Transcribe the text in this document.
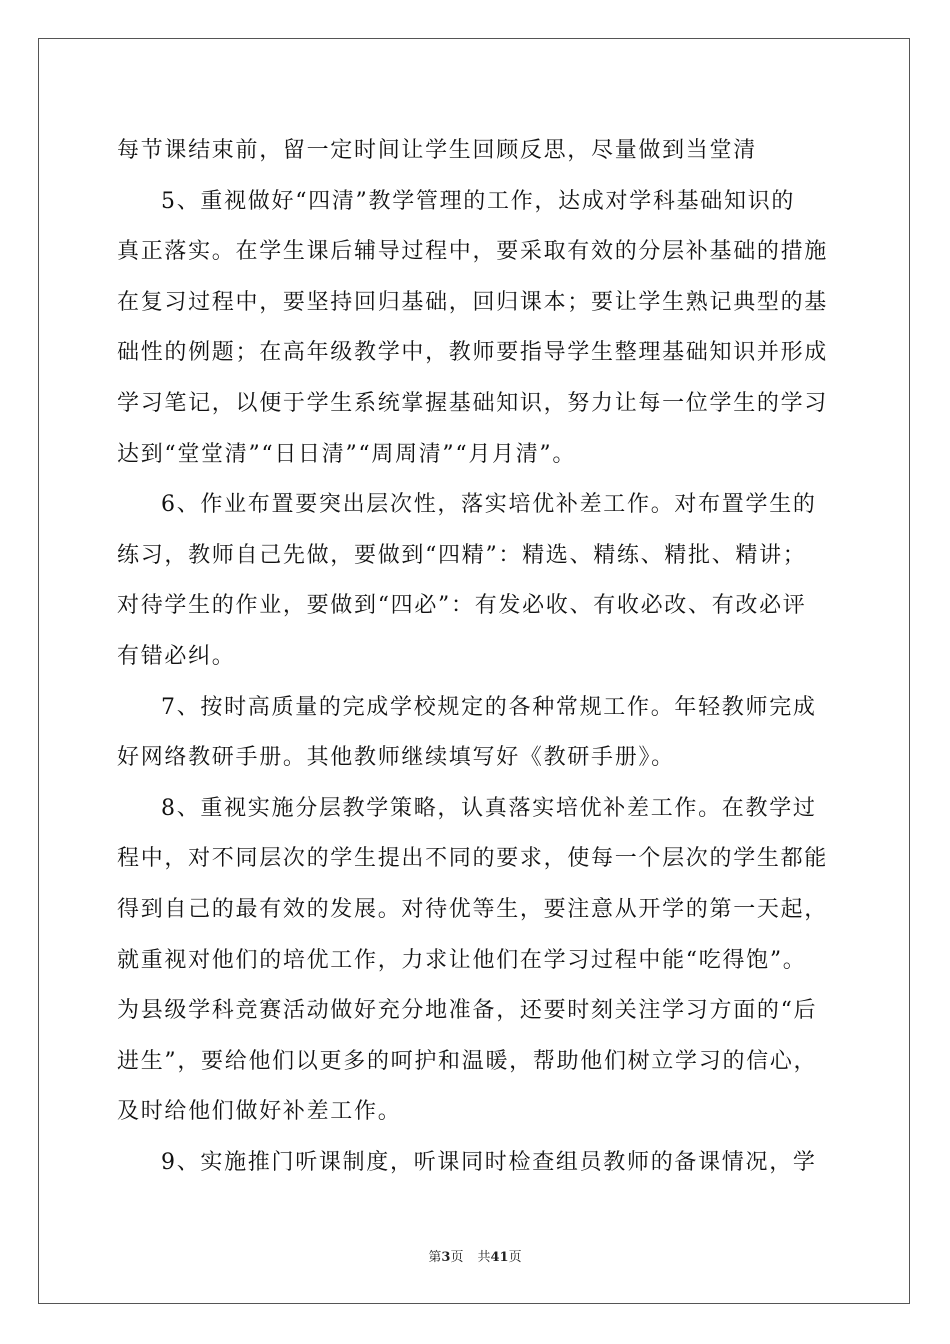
每节课结束前，留一定时间让学生回顾反思，尽量做到当堂清
5、重视做好“四清”教学管理的工作，达成对学科基础知识的
真正落实。在学生课后辅导过程中，要采取有效的分层补基础的措施
在复习过程中，要坚持回归基础，回归课本；要让学生熟记典型的基
础性的例题；在高年级教学中，教师要指导学生整理基础知识并形成
学习笔记，以便于学生系统掌握基础知识，努力让每一位学生的学习
达到“堂堂清”“日日清”“周周清”“月月清”。
6、作业布置要突出层次性，落实培优补差工作。对布置学生的
练习，教师自己先做，要做到“四精”：精选、精练、精批、精讲；
对待学生的作业，要做到“四必”：有发必收、有收必改、有改必评
有错必纠。
7、按时高质量的完成学校规定的各种常规工作。年轻教师完成
好网络教研手册。其他教师继续填写好《教研手册》。
8、重视实施分层教学策略，认真落实培优补差工作。在教学过
程中，对不同层次的学生提出不同的要求，使每一个层次的学生都能
得到自己的最有效的发展。对待优等生，要注意从开学的第一天起，
就重视对他们的培优工作，力求让他们在学习过程中能“吃得饱”。
为县级学科竞赛活动做好充分地准备，还要时刻关注学习方面的“后
进生”，要给他们以更多的呵护和温暖，帮助他们树立学习的信心，
及时给他们做好补差工作。
9、实施推门听课制度，听课同时检查组员教师的备课情况，学
第3页 共41页
